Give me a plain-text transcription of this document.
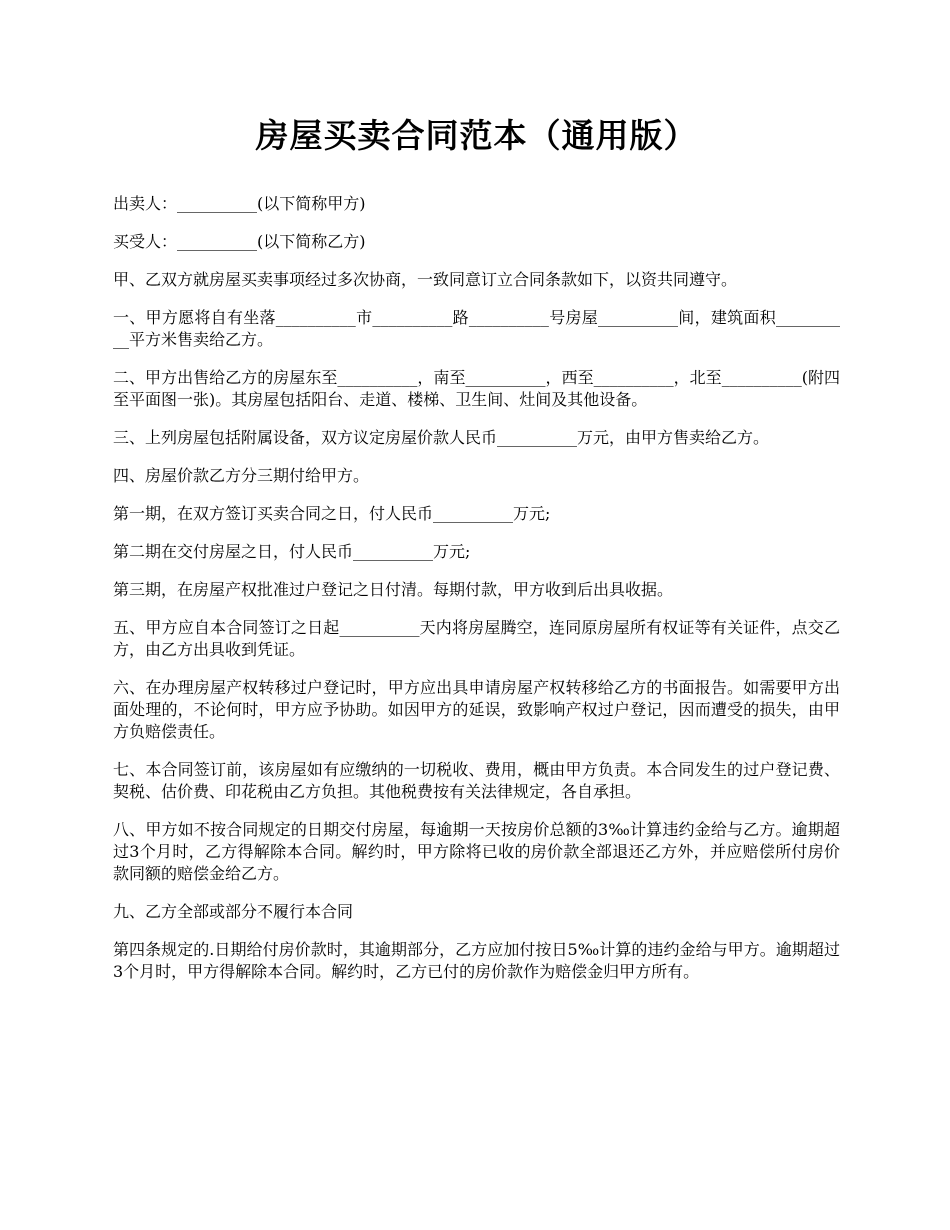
房屋买卖合同范本（通用版）

出卖人：__________(以下简称甲方)

买受人：__________(以下简称乙方)

甲、乙双方就房屋买卖事项经过多次协商，一致同意订立合同条款如下，以资共同遵守。

一、甲方愿将自有坐落__________市__________路__________号房屋__________间，建筑面积__________平方米售卖给乙方。

二、甲方出售给乙方的房屋东至__________，南至__________，西至__________，北至__________(附四至平面图一张)。其房屋包括阳台、走道、楼梯、卫生间、灶间及其他设备。

三、上列房屋包括附属设备，双方议定房屋价款人民币__________万元，由甲方售卖给乙方。

四、房屋价款乙方分三期付给甲方。

第一期，在双方签订买卖合同之日，付人民币__________万元;

第二期在交付房屋之日，付人民币__________万元;

第三期，在房屋产权批准过户登记之日付清。每期付款，甲方收到后出具收据。

五、甲方应自本合同签订之日起__________天内将房屋腾空，连同原房屋所有权证等有关证件，点交乙方，由乙方出具收到凭证。

六、在办理房屋产权转移过户登记时，甲方应出具申请房屋产权转移给乙方的书面报告。如需要甲方出面处理的，不论何时，甲方应予协助。如因甲方的延误，致影响产权过户登记，因而遭受的损失，由甲方负赔偿责任。

七、本合同签订前，该房屋如有应缴纳的一切税收、费用，概由甲方负责。本合同发生的过户登记费、契税、估价费、印花税由乙方负担。其他税费按有关法律规定，各自承担。

八、甲方如不按合同规定的日期交付房屋，每逾期一天按房价总额的3‰计算违约金给与乙方。逾期超过3个月时，乙方得解除本合同。解约时，甲方除将已收的房价款全部退还乙方外，并应赔偿所付房价款同额的赔偿金给乙方。

九、乙方全部或部分不履行本合同

第四条规定的.日期给付房价款时，其逾期部分，乙方应加付按日5‰计算的违约金给与甲方。逾期超过3个月时，甲方得解除本合同。解约时，乙方已付的房价款作为赔偿金归甲方所有。
